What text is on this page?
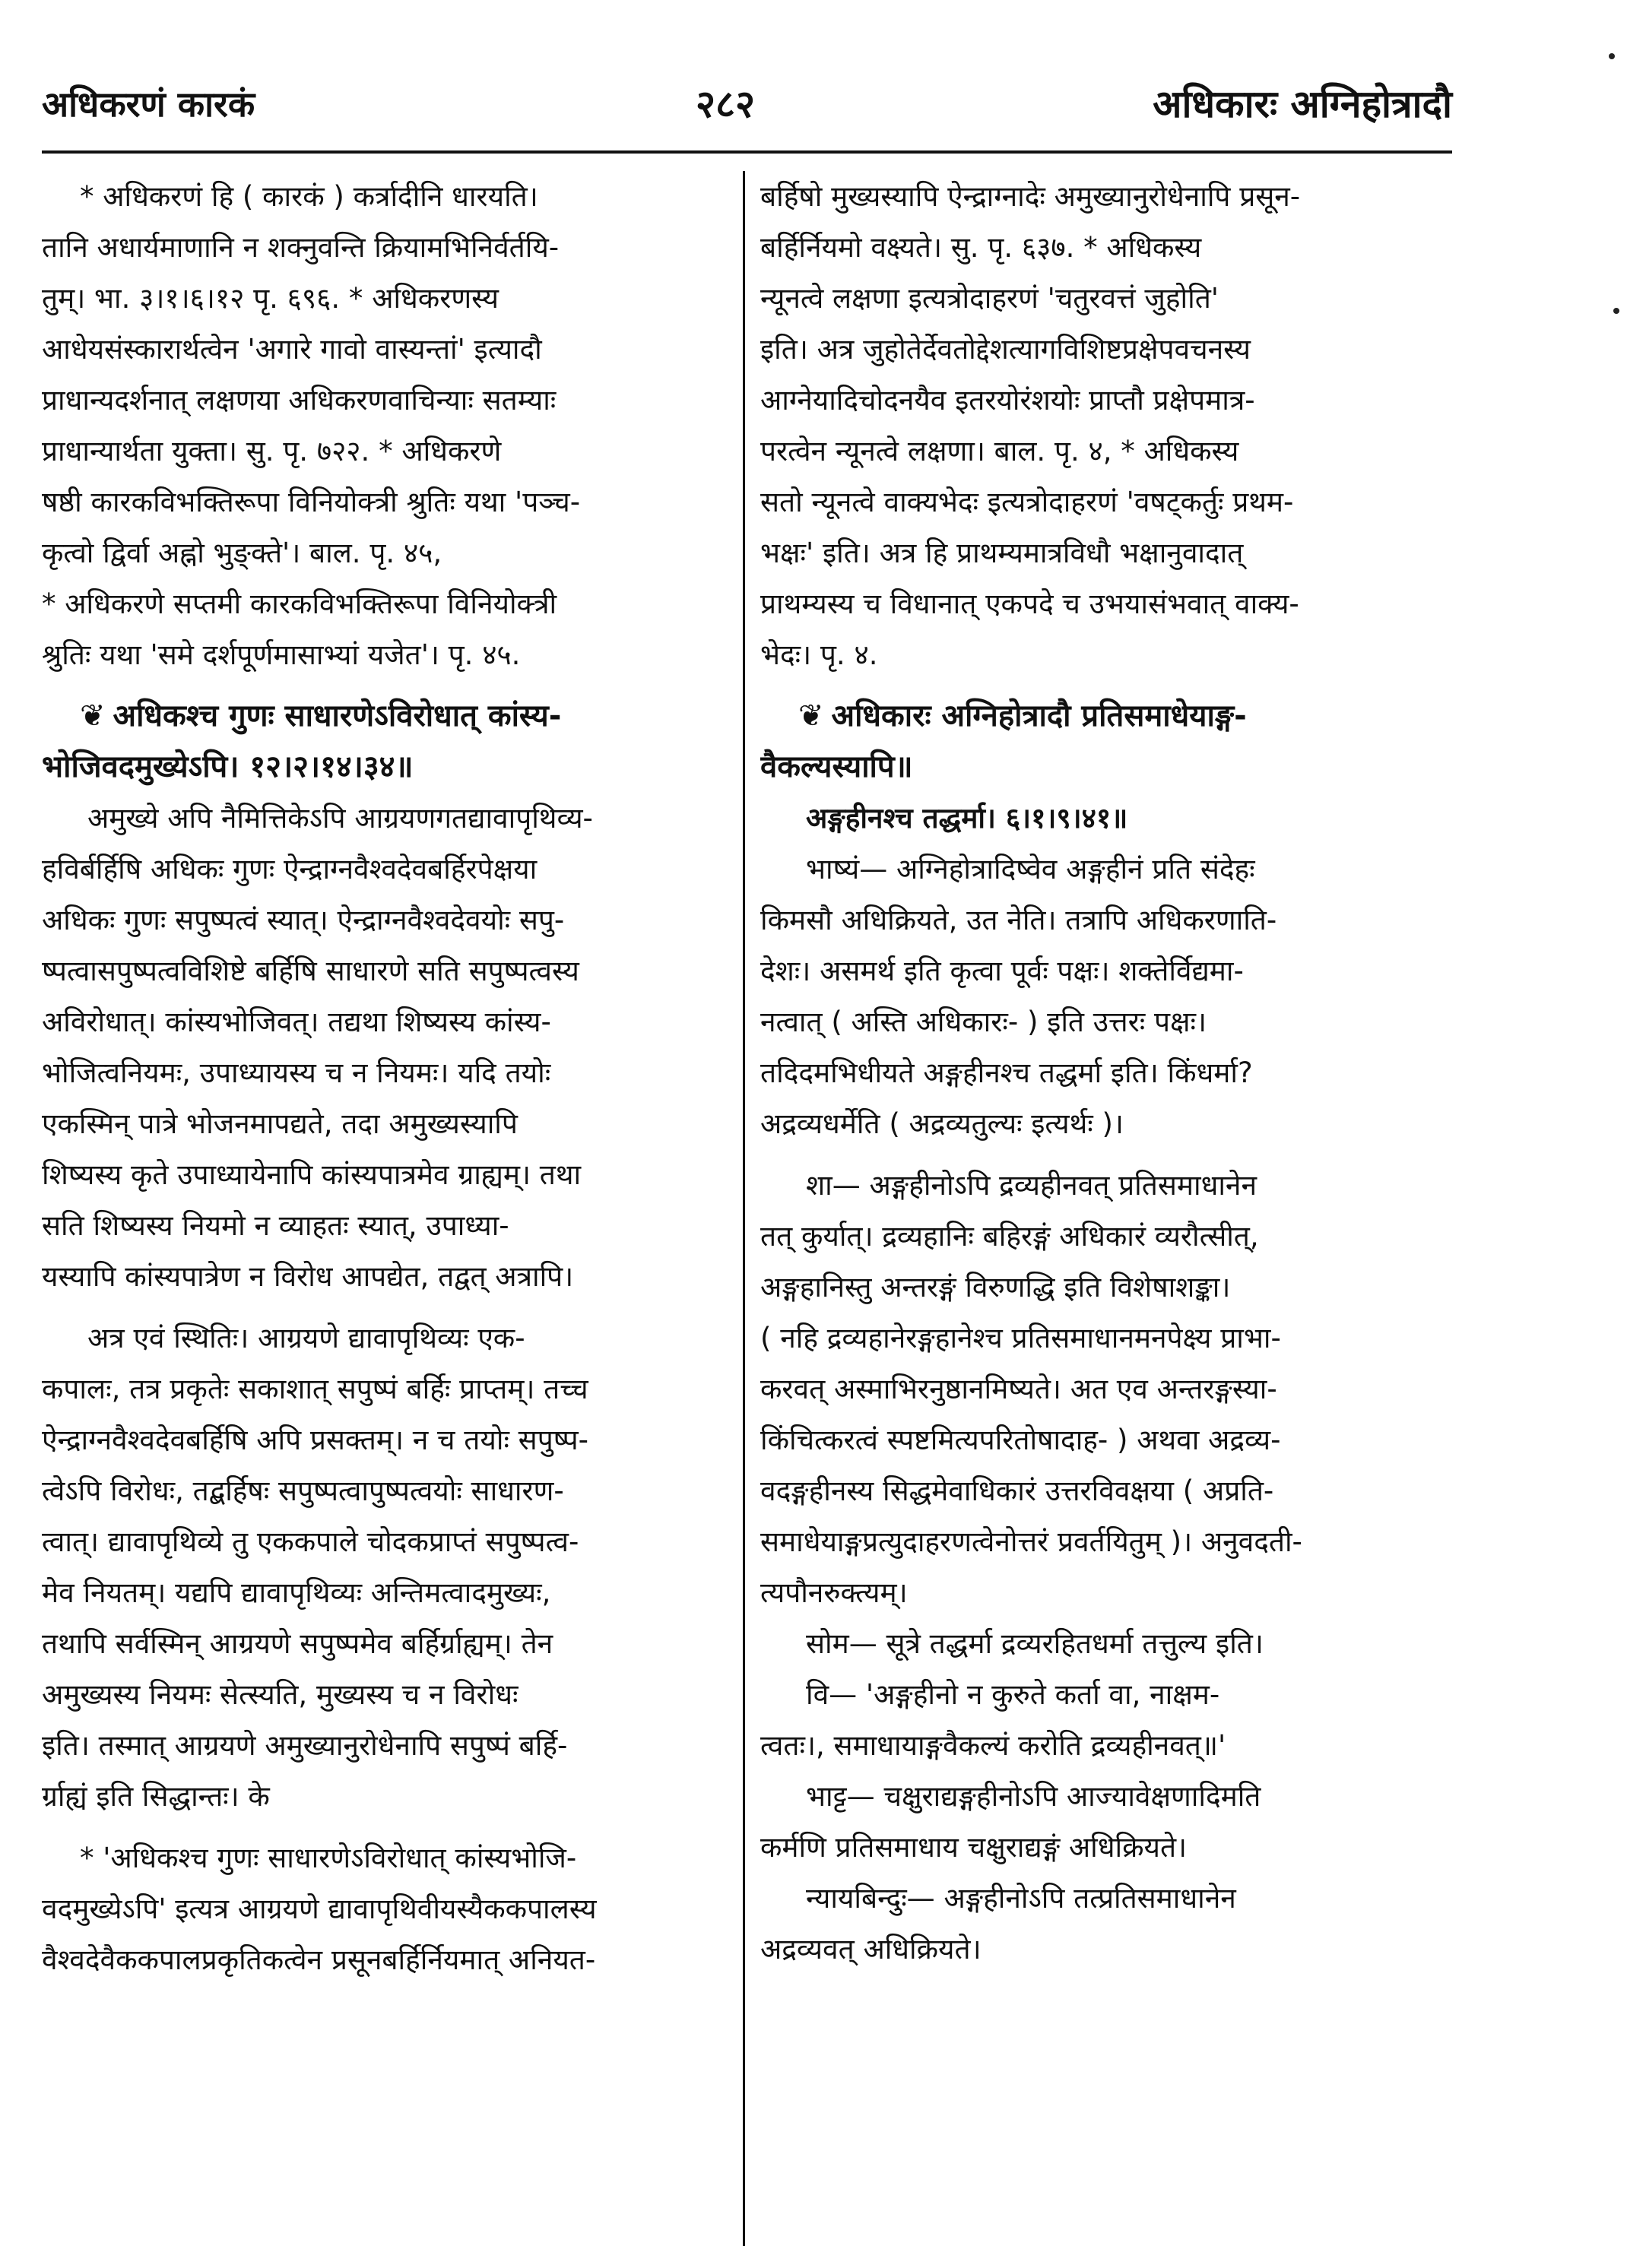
अधिकरणं कारकं	२८२	अधिकारः अग्निहोत्रादौ
* अधिकरणं हि ( कारकं ) कर्त्रादीनि धारयति।
तानि अधार्यमाणानि न शक्नुवन्ति क्रियामभिनिर्वर्तयि-
तुम्। भा. ३।१।६।१२ पृ. ६९६. * अधिकरणस्य
आधेयसंस्कारार्थत्वेन 'अगारे गावो वास्यन्तां' इत्यादौ
प्राधान्यदर्शनात् लक्षणया अधिकरणवाचिन्याः सतम्याः
प्राधान्यार्थता युक्ता। सु. पृ. ७२२. * अधिकरणे
षष्ठी कारकविभक्तिरूपा विनियोक्त्री श्रुतिः यथा 'पञ्च-
कृत्वो द्विर्वा अह्नो भुङ्क्ते'। बाल. पृ. ४५,
* अधिकरणे सप्तमी कारकविभक्तिरूपा विनियोक्त्री
श्रुतिः यथा 'समे दर्शपूर्णमासाभ्यां यजेत'। पृ. ४५.
❦ अधिकश्च गुणः साधारणेऽविरोधात् कांस्य-
भोजिवदमुख्येऽपि। १२।२।१४।३४॥
अमुख्ये अपि नैमित्तिकेऽपि आग्रयणगतद्यावापृथिव्य-
हविर्बर्हिषि अधिकः गुणः ऐन्द्राग्नवैश्वदेवबर्हिरपेक्षया
अधिकः गुणः सपुष्पत्वं स्यात्। ऐन्द्राग्नवैश्वदेवयोः सपु-
ष्पत्वासपुष्पत्वविशिष्टे बर्हिषि साधारणे सति सपुष्पत्वस्य
अविरोधात्। कांस्यभोजिवत्। तद्यथा शिष्यस्य कांस्य-
भोजित्वनियमः, उपाध्यायस्य च न नियमः। यदि तयोः
एकस्मिन् पात्रे भोजनमापद्यते, तदा अमुख्यस्यापि
शिष्यस्य कृते उपाध्यायेनापि कांस्यपात्रमेव ग्राह्यम्। तथा
सति शिष्यस्य नियमो न व्याहतः स्यात्, उपाध्या-
यस्यापि कांस्यपात्रेण न विरोध आपद्येत, तद्वत् अत्रापि।
अत्र एवं स्थितिः। आग्रयणे द्यावापृथिव्यः एक-
कपालः, तत्र प्रकृतेः सकाशात् सपुष्पं बर्हिः प्राप्तम्। तच्च
ऐन्द्राग्नवैश्वदेवबर्हिषि अपि प्रसक्तम्। न च तयोः सपुष्प-
त्वेऽपि विरोधः, तद्बर्हिषः सपुष्पत्वापुष्पत्वयोः साधारण-
त्वात्। द्यावापृथिव्ये तु एककपाले चोदकप्राप्तं सपुष्पत्व-
मेव नियतम्। यद्यपि द्यावापृथिव्यः अन्तिमत्वादमुख्यः,
तथापि सर्वस्मिन् आग्रयणे सपुष्पमेव बर्हिर्ग्राह्यम्। तेन
अमुख्यस्य नियमः सेत्स्यति, मुख्यस्य च न विरोधः
इति। तस्मात् आग्रयणे अमुख्यानुरोधेनापि सपुष्पं बर्हि-
र्ग्राह्यं इति सिद्धान्तः। के
* 'अधिकश्च गुणः साधारणेऽविरोधात् कांस्यभोजि-
वदमुख्येऽपि' इत्यत्र आग्रयणे द्यावापृथिवीयस्यैककपालस्य
वैश्वदेवैककपालप्रकृतिकत्वेन प्रसूनबर्हिर्नियमात् अनियत-
बर्हिषो मुख्यस्यापि ऐन्द्राग्नादेः अमुख्यानुरोधेनापि प्रसून-
बर्हिर्नियमो वक्ष्यते। सु. पृ. ६३७. * अधिकस्य
न्यूनत्वे लक्षणा इत्यत्रोदाहरणं 'चतुरवत्तं जुहोति'
इति। अत्र जुहोतेर्देवतोद्देशत्यागविशिष्टप्रक्षेपवचनस्य
आग्नेयादिचोदनयैव इतरयोरंशयोः प्राप्तौ प्रक्षेपमात्र-
परत्वेन न्यूनत्वे लक्षणा। बाल. पृ. ४, * अधिकस्य
सतो न्यूनत्वे वाक्यभेदः इत्यत्रोदाहरणं 'वषट्कर्तुः प्रथम-
भक्षः' इति। अत्र हि प्राथम्यमात्रविधौ भक्षानुवादात्
प्राथम्यस्य च विधानात् एकपदे च उभयासंभवात् वाक्य-
भेदः। पृ. ४.
❦ अधिकारः अग्निहोत्रादौ प्रतिसमाधेयाङ्ग-
वैकल्यस्यापि॥
अङ्गहीनश्च तद्धर्मा। ६।१।९।४१॥
भाष्यं— अग्निहोत्रादिष्वेव अङ्गहीनं प्रति संदेहः
किमसौ अधिक्रियते, उत नेति। तत्रापि अधिकरणाति-
देशः। असमर्थ इति कृत्वा पूर्वः पक्षः। शक्तेर्विद्यमा-
नत्वात् ( अस्ति अधिकारः- ) इति उत्तरः पक्षः।
तदिदमभिधीयते अङ्गहीनश्च तद्धर्मा इति। किंधर्मा?
अद्रव्यधर्मेति ( अद्रव्यतुल्यः इत्यर्थः )।
शा— अङ्गहीनोऽपि द्रव्यहीनवत् प्रतिसमाधानेन
तत् कुर्यात्। द्रव्यहानिः बहिरङ्गं अधिकारं व्यरौत्सीत्,
अङ्गहानिस्तु अन्तरङ्गं विरुणद्धि इति विशेषाशङ्का।
( नहि द्रव्यहानेरङ्गहानेश्च प्रतिसमाधानमनपेक्ष्य प्राभा-
करवत् अस्माभिरनुष्ठानमिष्यते। अत एव अन्तरङ्गस्या-
किंचित्करत्वं स्पष्टमित्यपरितोषादाह- ) अथवा अद्रव्य-
वदङ्गहीनस्य सिद्धमेवाधिकारं उत्तरविवक्षया ( अप्रति-
समाधेयाङ्गप्रत्युदाहरणत्वेनोत्तरं प्रवर्तयितुम् )। अनुवदती-
त्यपौनरुक्त्यम्।
सोम— सूत्रे तद्धर्मा द्रव्यरहितधर्मा तत्तुल्य इति।
वि— 'अङ्गहीनो न कुरुते कर्ता वा, नाक्षम-
त्वतः।, समाधायाङ्गवैकल्यं करोति द्रव्यहीनवत्॥'
भाट्ट— चक्षुराद्यङ्गहीनोऽपि आज्यावेक्षणादिमति
कर्मणि प्रतिसमाधाय चक्षुराद्यङ्गं अधिक्रियते।
न्यायबिन्दुः— अङ्गहीनोऽपि तत्प्रतिसमाधानेन
अद्रव्यवत् अधिक्रियते।
